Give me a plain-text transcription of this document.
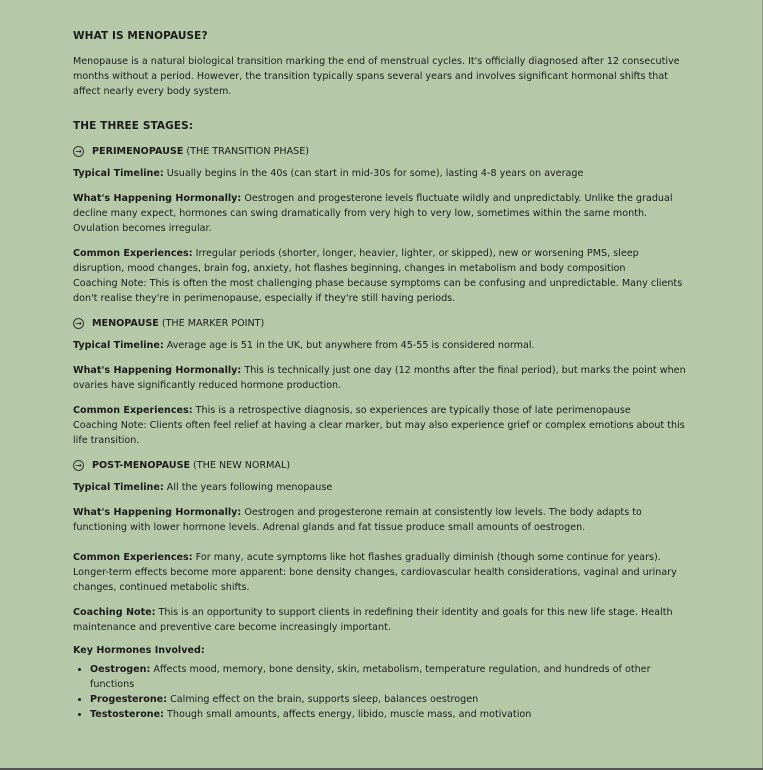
WHAT IS MENOPAUSE?

Menopause is a natural biological transition marking the end of menstrual cycles. It's officially diagnosed after 12 consecutive months without a period. However, the transition typically spans several years and involves significant hormonal shifts that affect nearly every body system.

THE THREE STAGES:
→ PERIMENOPAUSE (THE TRANSITION PHASE)

Typical Timeline: Usually begins in the 40s (can start in mid-30s for some), lasting 4-8 years on average

What's Happening Hormonally: Oestrogen and progesterone levels fluctuate wildly and unpredictably. Unlike the gradual decline many expect, hormones can swing dramatically from very high to very low, sometimes within the same month. Ovulation becomes irregular.

Common Experiences: Irregular periods (shorter, longer, heavier, lighter, or skipped), new or worsening PMS, sleep disruption, mood changes, brain fog, anxiety, hot flashes beginning, changes in metabolism and body composition

Coaching Note: This is often the most challenging phase because symptoms can be confusing and unpredictable. Many clients don't realise they're in perimenopause, especially if they're still having periods.

→ MENOPAUSE (THE MARKER POINT)

Typical Timeline: Average age is 51 in the UK, but anywhere from 45-55 is considered normal.

What's Happening Hormonally: This is technically just one day (12 months after the final period), but marks the point when ovaries have significantly reduced hormone production.

Common Experiences: This is a retrospective diagnosis, so experiences are typically those of late perimenopause

Coaching Note: Clients often feel relief at having a clear marker, but may also experience grief or complex emotions about this life transition.

→ POST-MENOPAUSE (THE NEW NORMAL)

Typical Timeline: All the years following menopause

What's Happening Hormonally: Oestrogen and progesterone remain at consistently low levels. The body adapts to functioning with lower hormone levels. Adrenal glands and fat tissue produce small amounts of oestrogen.

Common Experiences: For many, acute symptoms like hot flashes gradually diminish (though some continue for years). Longer-term effects become more apparent: bone density changes, cardiovascular health considerations, vaginal and urinary changes, continued metabolic shifts.

Coaching Note: This is an opportunity to support clients in redefining their identity and goals for this new life stage. Health maintenance and preventive care become increasingly important.

Key Hormones Involved:
• Oestrogen: Affects mood, memory, bone density, skin, metabolism, temperature regulation, and hundreds of other functions
• Progesterone: Calming effect on the brain, supports sleep, balances oestrogen
• Testosterone: Though small amounts, affects energy, libido, muscle mass, and motivation
